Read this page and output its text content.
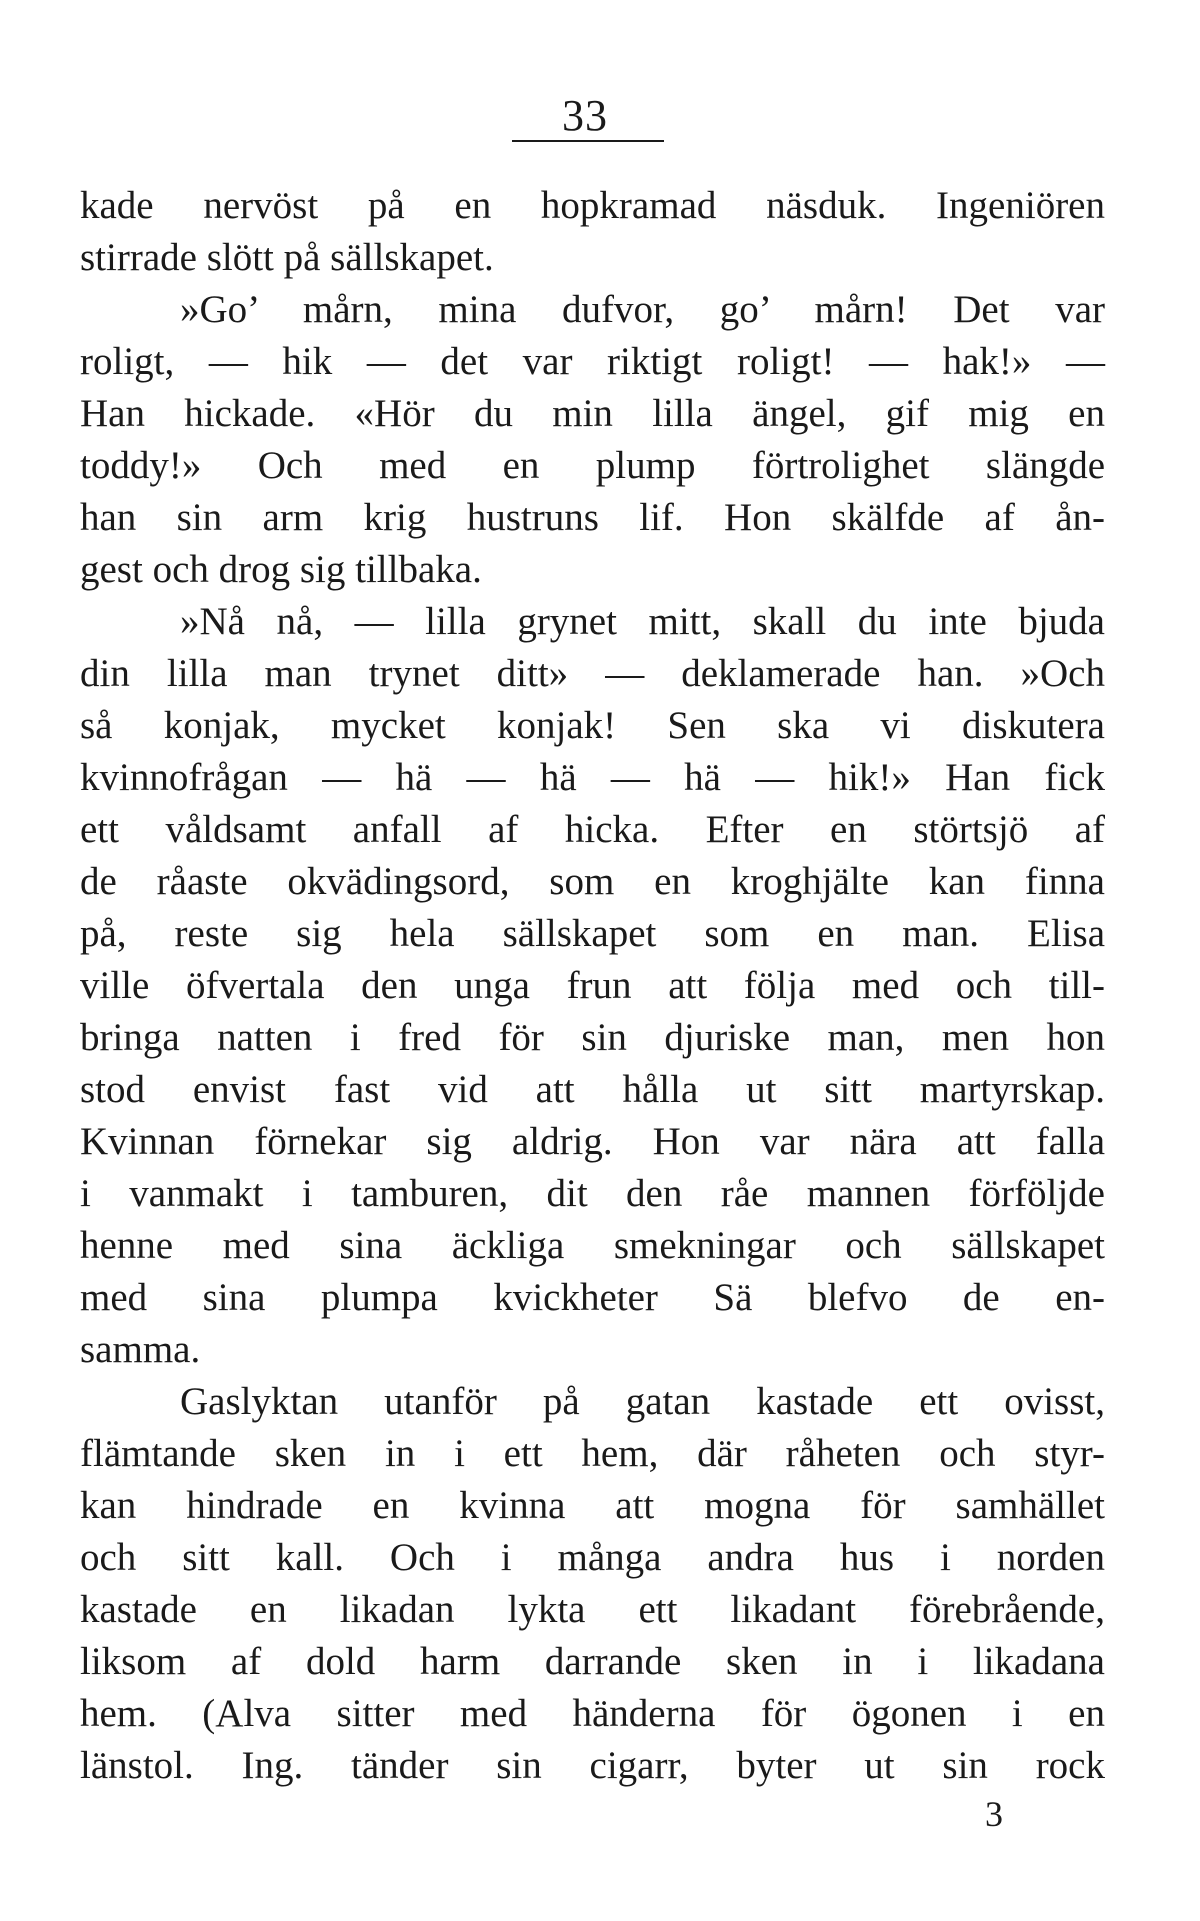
33
kade nervöst på en hopkramad näsduk. Ingeniören
stirrade slött på sällskapet.
»Go’ mårn, mina dufvor, go’ mårn! Det var
roligt, — hik — det var riktigt roligt! — hak!» —
Han hickade. «Hör du min lilla ängel, gif mig en
toddy!» Och med en plump förtrolighet slängde
han sin arm krig hustruns lif. Hon skälfde af ån-
gest och drog sig tillbaka.
»Nå nå, — lilla grynet mitt, skall du inte bjuda
din lilla man trynet ditt» — deklamerade han. »Och
så konjak, mycket konjak! Sen ska vi diskutera
kvinnofrågan — hä — hä — hä — hik!» Han fick
ett våldsamt anfall af hicka. Efter en störtsjö af
de råaste okvädingsord, som en kroghjälte kan finna
på, reste sig hela sällskapet som en man. Elisa
ville öfvertala den unga frun att följa med och till-
bringa natten i fred för sin djuriske man, men hon
stod envist fast vid att hålla ut sitt martyrskap.
Kvinnan förnekar sig aldrig. Hon var nära att falla
i vanmakt i tamburen, dit den råe mannen förföljde
henne med sina äckliga smekningar och sällskapet
med sina plumpa kvickheter Sä blefvo de en-
samma.
Gaslyktan utanför på gatan kastade ett ovisst,
flämtande sken in i ett hem, där råheten och styr-
kan hindrade en kvinna att mogna för samhället
och sitt kall. Och i många andra hus i norden
kastade en likadan lykta ett likadant förebrående,
liksom af dold harm darrande sken in i likadana
hem. (Alva sitter med händerna för ögonen i en
länstol. Ing. tänder sin cigarr, byter ut sin rock
3
